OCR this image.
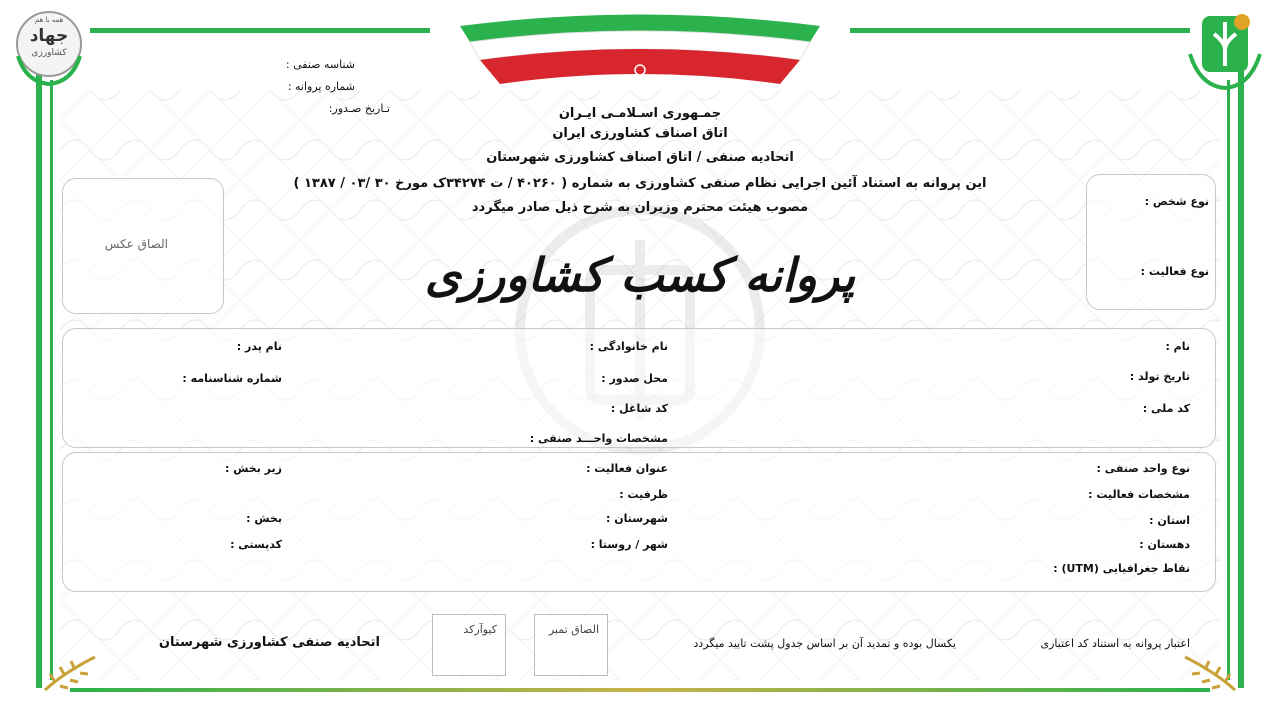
همه با هم
جهاد
کشاورزی
شناسه صنفی :
شماره پروانه :
تـاریخ صـدور:	جمـهوری اسـلامـی ایـران
اتاق اصناف کشاورزی ایران
اتحادیه صنفی / اتاق اصناف کشاورزی شهرستان
این پروانه به استناد آئین اجرایی نظام صنفی کشاورزی به شماره ( ۴۰۲۶۰ / ت ۳۴۲۷۴ک مورخ ۳۰ /۰۳ / ۱۳۸۷ )
مصوب هیئت محترم وزیران به شرح ذیل صادر میگردد
الصاق عکس
نوع شخص :
نوع فعالیت :
پروانه کسب کشاورزی
نام :
نام خانوادگی :
نام پدر :
تاریخ تولد :
محل صدور :
شماره شناسنامه :
کد ملی :
کد شاغل :
مشخصات واحـــد صنفی :
نوع واحد صنفی :
عنوان فعالیت :
زیر بخش :
مشخصات فعالیت :
ظرفیت :
استان :
شهرستان :
بخش :
دهستان :
شهر / روستا :
کدپستی :
نقاط جغرافیایی (UTM) :
اعتبار پروانه به استناد کد اعتباری
یکسال بوده و تمدید آن بر اساس جدول پشت تایید میگردد
الصاق تمبر
کیوآرکد
اتحادیه صنفی کشاورزی شهرستان
